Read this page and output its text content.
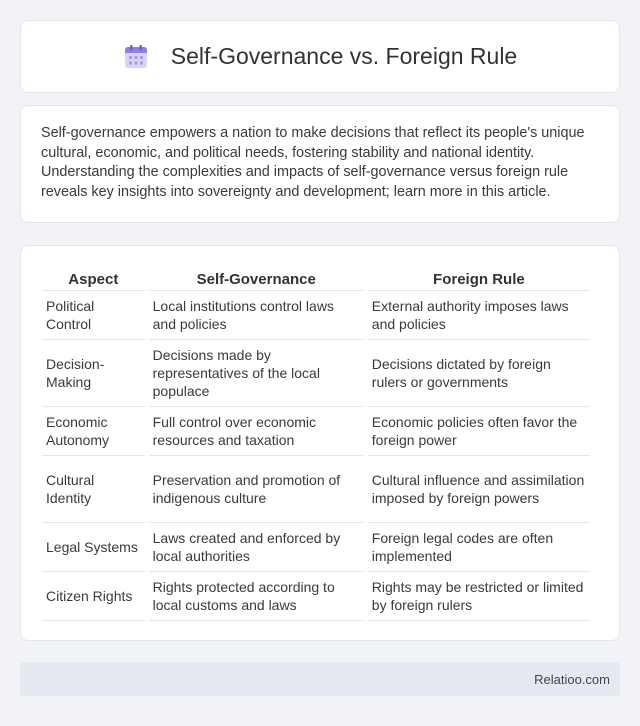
Self-Governance vs. Foreign Rule

Self-governance empowers a nation to make decisions that reflect its people's unique cultural, economic, and political needs, fostering stability and national identity. Understanding the complexities and impacts of self-governance versus foreign rule reveals key insights into sovereignty and development; learn more in this article.

Aspect	Self-Governance	Foreign Rule
Political Control	Local institutions control laws and policies	External authority imposes laws and policies
Decision-Making	Decisions made by representatives of the local populace	Decisions dictated by foreign rulers or governments
Economic Autonomy	Full control over economic resources and taxation	Economic policies often favor the foreign power
Cultural Identity	Preservation and promotion of indigenous culture	Cultural influence and assimilation imposed by foreign powers
Legal Systems	Laws created and enforced by local authorities	Foreign legal codes are often implemented
Citizen Rights	Rights protected according to local customs and laws	Rights may be restricted or limited by foreign rulers
Relatioo.com
